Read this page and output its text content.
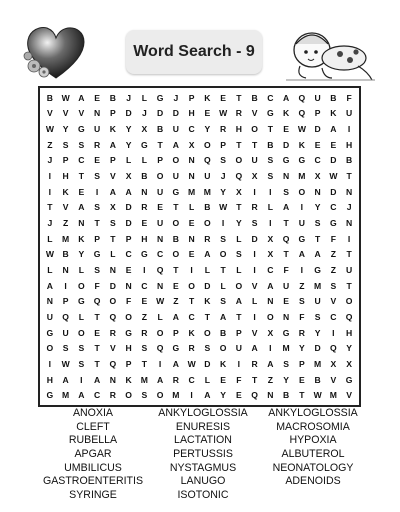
Word Search - 9
B W A	E	B	J	L	G	J	P	K	E	T	B	C	A	Q	U	B	F
V	V	V	N	P	D	J	D	D	H	E	W R	V	G	K	Q	P	K	U
W	Y	G	U	K	Y	X	B	U	C	Y	R	H	O	T	E	W D	A	I
Z	S	S	R	A	Y	G	T	A	X	O	P	T	T	B	D	K	E	E	H
J	P	C	E	P	L	L	P	O	N	Q	S	O	U	S	G	G	C	D	B
I	H	T	S	V	X	B	O	U	N	U	J	Q	X	S	N	M	X	W	T
I	K	E	I	A	A	N	U	G	M M	Y	X	I	I	S	O	N	D	N
T	V	A	S	X	D	R	E	T	L	B W	T	R	L	A	I	Y	C	J
J	Z	N	T	S	D	E	U	O	E	O	I	Y	S	I	T	U	S	G	N
L	M	K	P	T	P	H	N	B	N	R	S	L	D	X	Q	G	T	F	I
W B	Y	G	L	C	G	C	O	E	A	O	S	I	X	T	A	A	Z	T
L	N	L	S	N	E	I	Q	T	I	L	T	L	I	C	F	I	G	Z	U
A	I	O	F	D	N	C	N	E	O	D	L	O	V	A	U	Z	M	S	T
N	P	G	Q	O	F	E	W	Z	T	K	S	A	L	N	E	S	U	V	O
U	Q	L	T	Q	O	Z	L	A	C	T	A	T	I	O	N	F	S	C	Q
G	U	O	E	R	G	R	O	P	K	O	B	P	V	X	G	R	Y	I	H
O	S	S	T	V	H	S	Q	G	R	S	O	U	A	I	M	Y	D	Q	Y
I	W	S	T	Q	P	T	I	A W D	K	I	R	A	S	P	M	X	X
H	A	I	A	N	K	M	A	R	C	L	E	F	T	Z	Y	E	B	V	G
G	M	A	C	R	O	S	O	M	I	A	Y	E	Q	N	B	T	W M	V
ANOXIA	ANKYLOGLOSSIA	ANKYLOGLOSSIA
CLEFT	ENURESIS	MACROSOMIA
RUBELLA	LACTATION	HYPOXIA
APGAR	PERTUSSIS	ALBUTEROL
UMBILICUS	NYSTAGMUS	NEONATOLOGY
GASTROENTERITIS	LANUGO	ADENOIDS
SYRINGE	ISOTONIC
